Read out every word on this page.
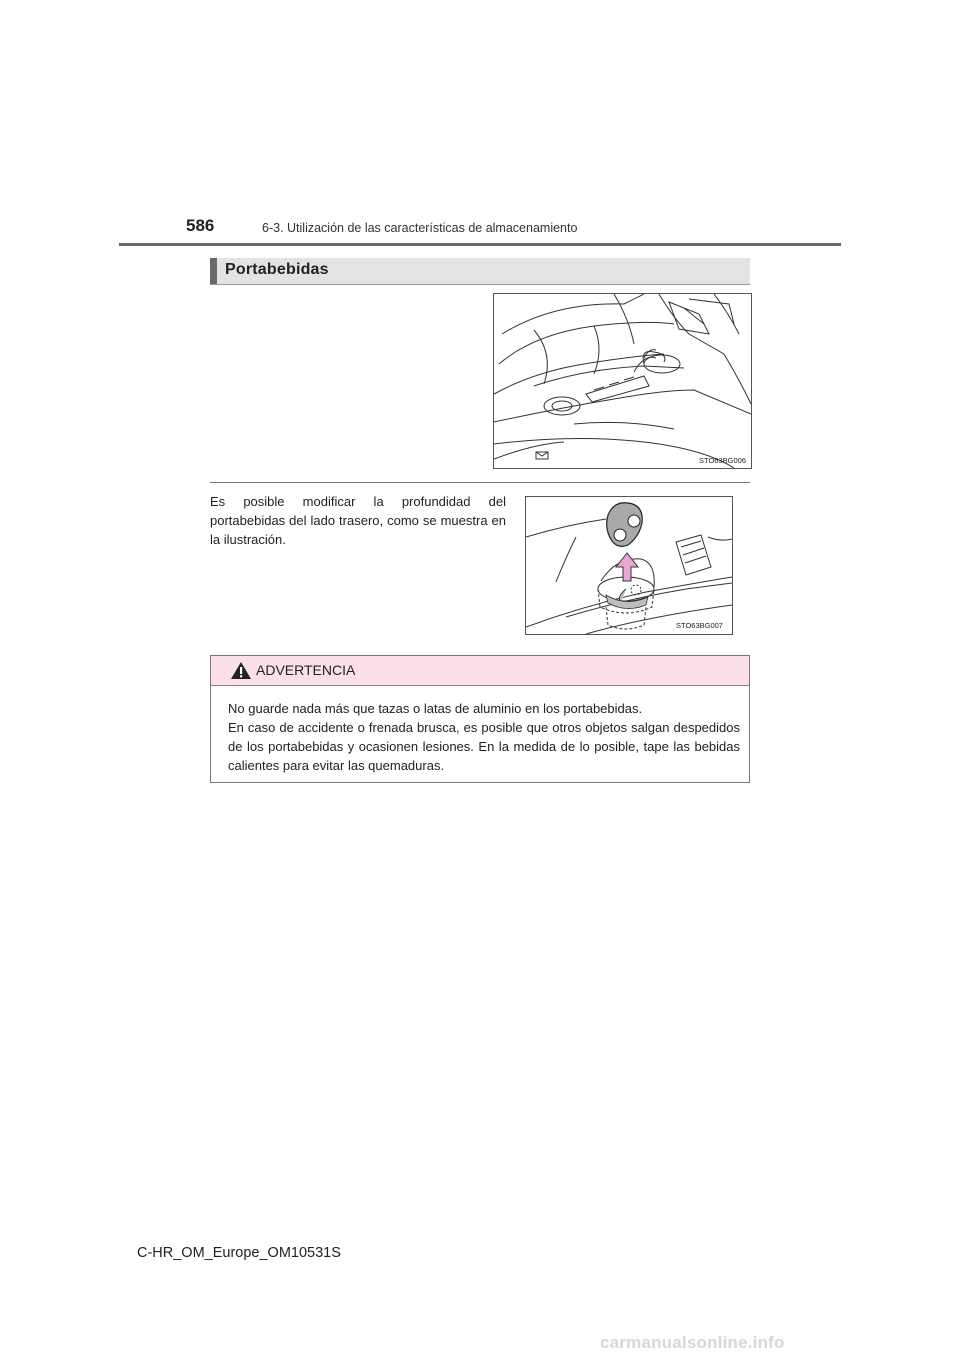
586	6-3. Utilización de las características de almacenamiento
Portabebidas
STO63BG006
Es posible modificar la profundidad del portabebidas del lado trasero, como se muestra en la ilustración.
STO63BG007
ADVERTENCIA

No guarde nada más que tazas o latas de aluminio en los portabebidas.

En caso de accidente o frenada brusca, es posible que otros objetos salgan despedidos de los portabebidas y ocasionen lesiones. En la medida de lo posible, tape las bebidas calientes para evitar las quemaduras.

C-HR_OM_Europe_OM10531S
carmanualsonline.info
